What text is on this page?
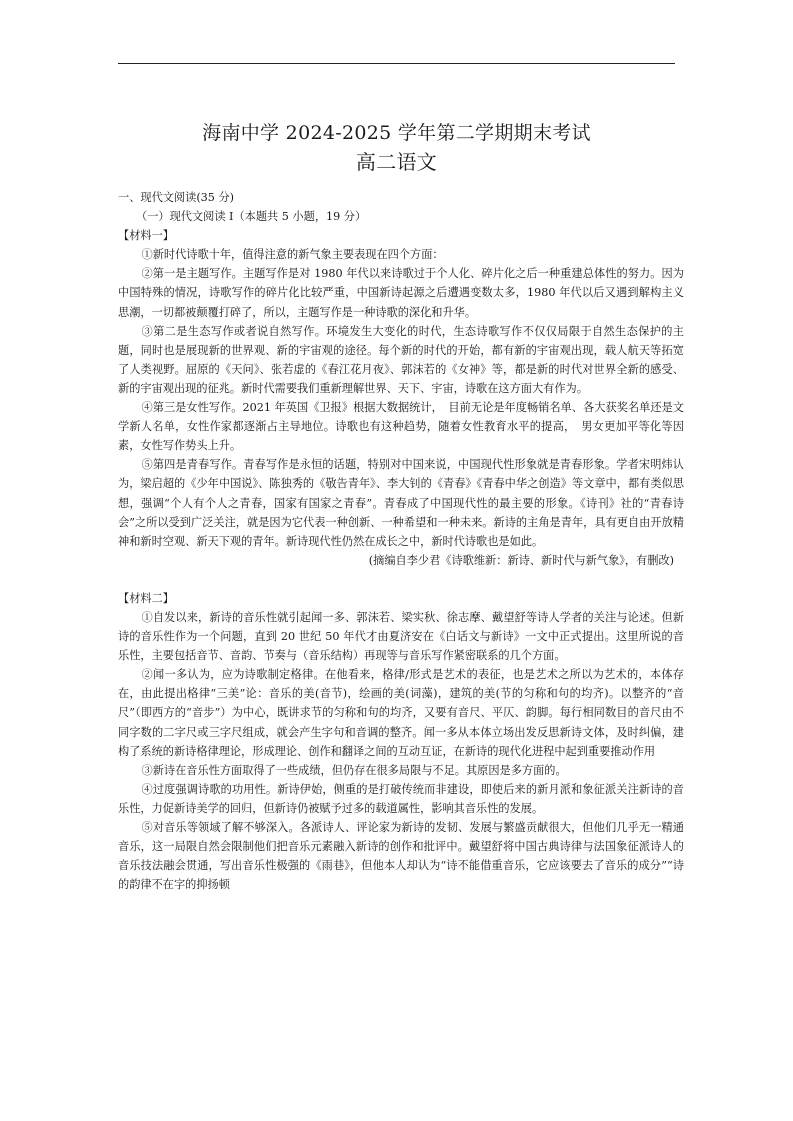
海南中学 2024-2025 学年第二学期期末考试
高二语文

一、现代文阅读(35 分)

（一）现代文阅读 I（本题共 5 小题，19 分）

【材料一】

①新时代诗歌十年，值得注意的新气象主要表现在四个方面：

②第一是主题写作。主题写作是对 1980 年代以来诗歌过于个人化、碎片化之后一种重建总体性的努力。因为中国特殊的情况，诗歌写作的碎片化比较严重，中国新诗起源之后遭遇变数太多，1980 年代以后又遇到解构主义思潮，一切都被颠覆打碎了，所以，主题写作是一种诗歌的深化和升华。

③第二是生态写作或者说自然写作。环境发生大变化的时代，生态诗歌写作不仅仅局限于自然生态保护的主题，同时也是展现新的世界观、新的宇宙观的途径。每个新的时代的开始，都有新的宇宙观出现，载人航天等拓宽了人类视野。屈原的《天问》、张若虚的《春江花月夜》、郭沫若的《女神》等，都是新的时代对世界全新的感受、新的宇宙观出现的征兆。新时代需要我们重新理解世界、天下、宇宙，诗歌在这方面大有作为。

④第三是女性写作。2021 年英国《卫报》根据大数据统计，　目前无论是年度畅销名单、各大获奖名单还是文学新人名单，女性作家都逐渐占主导地位。诗歌也有这种趋势，随着女性教育水平的提高，　男女更加平等化等因素，女性写作势头上升。

⑤第四是青春写作。青春写作是永恒的话题，特别对中国来说，中国现代性形象就是青春形象。学者宋明炜认为，梁启超的《少年中国说》、陈独秀的《敬告青年》、李大钊的《青春》《青春中华之创造》等文章中，都有类似思想，强调“个人有个人之青春，国家有国家之青春”。青春成了中国现代性的最主要的形象。《诗刊》社的“青春诗会”之所以受到广泛关注，就是因为它代表一种创新、一种希望和一种未来。新诗的主角是青年，具有更自由开放精神和新时空观、新天下观的青年。新诗现代性仍然在成长之中，新时代诗歌也是如此。

(摘编自李少君《诗歌维新：新诗、新时代与新气象》，有删改)

【材料二】

①自发以来，新诗的音乐性就引起闻一多、郭沫若、梁实秋、徐志摩、戴望舒等诗人学者的关注与论述。但新诗的音乐性作为一个问题，直到 20 世纪 50 年代才由夏济安在《白话文与新诗》一文中正式提出。这里所说的音乐性，主要包括音节、音韵、节奏与（音乐结构）再现等与音乐写作紧密联系的几个方面。

②闻一多认为，应为诗歌制定格律。在他看来，格律/形式是艺术的表征，也是艺术之所以为艺术的，本体存在，由此提出格律“三美”论：音乐的美(音节)，绘画的美(词藻)，建筑的美(节的匀称和句的均齐)。以整齐的“音尺”（即西方的“音步”）为中心，既讲求节的匀称和句的均齐，又要有音尺、平仄、韵脚。每行相同数目的音尺由不同字数的二字尺或三字尺组成，就会产生字句和音调的整齐。闻一多从本体立场出发反思新诗文体，及时纠偏，建构了系统的新诗格律理论，形成理论、创作和翻译之间的互动互证，在新诗的现代化进程中起到重要推动作用

③新诗在音乐性方面取得了一些成绩，但仍存在很多局限与不足。其原因是多方面的。

④过度强调诗歌的功用性。新诗伊始，侧重的是打破传统而非建设，即使后来的新月派和象征派关注新诗的音乐性，力促新诗美学的回归，但新诗仍被赋予过多的载道属性，影响其音乐性的发展。

⑤对音乐等领域了解不够深入。各派诗人、评论家为新诗的发韧、发展与繁盛贡献很大，但他们几乎无一精通音乐，这一局限自然会限制他们把音乐元素融入新诗的创作和批评中。戴望舒将中国古典诗律与法国象征派诗人的音乐技法融会贯通，写出音乐性极强的《雨巷》，但他本人却认为“诗不能借重音乐，它应该要去了音乐的成分”“诗的韵律不在字的抑扬顿
